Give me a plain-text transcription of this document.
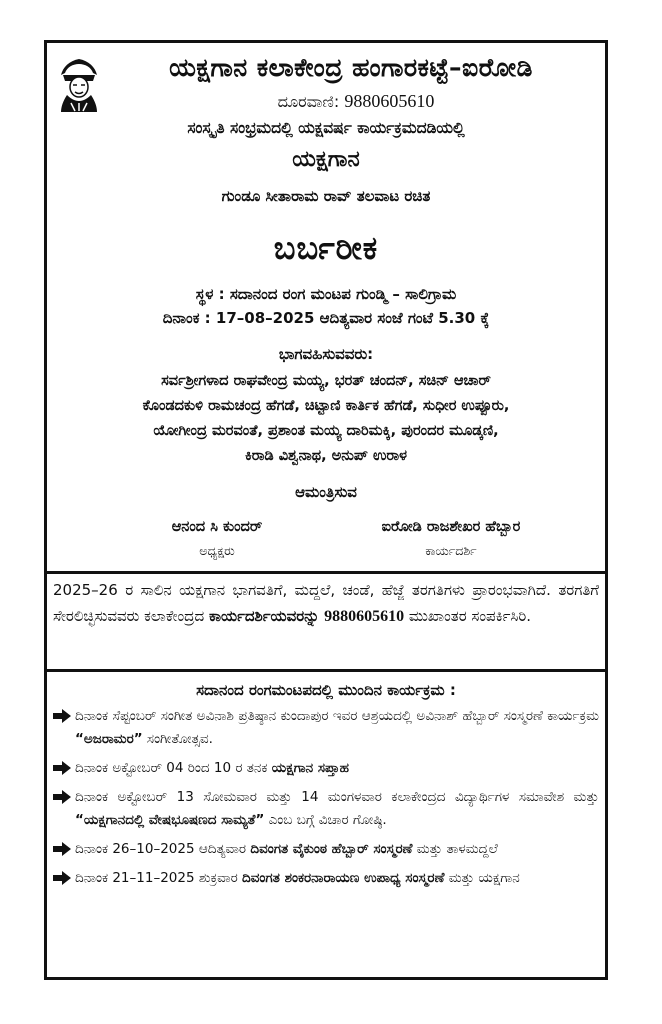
ಯಕ್ಷಗಾನ ಕಲಾಕೇಂದ್ರ ಹಂಗಾರಕಟ್ಟೆ–ಐರೋಡಿ
ದೂರವಾಣಿ: 9880605610
ಸಂಸ್ಕೃತಿ ಸಂಭ್ರಮದಲ್ಲಿ ಯಕ್ಷವರ್ಷ ಕಾರ್ಯಕ್ರಮದಡಿಯಲ್ಲಿ
ಯಕ್ಷಗಾನ
ಗುಂಡೂ ಸೀತಾರಾಮ ರಾವ್ ತಲವಾಟ ರಚಿತ
ಬರ್ಬರೀಕ
ಸ್ಥಳ : ಸದಾನಂದ ರಂಗ ಮಂಟಪ ಗುಂಡ್ಮಿ – ಸಾಲಿಗ್ರಾಮ
ದಿನಾಂಕ : 17–08–2025 ಆದಿತ್ಯವಾರ ಸಂಜೆ ಗಂಟೆ 5.30 ಕ್ಕೆ
ಭಾಗವಹಿಸುವವರು:
ಸರ್ವಶ್ರೀಗಳಾದ ರಾಘವೇಂದ್ರ ಮಯ್ಯ, ಭರತ್ ಚಂದನ್, ಸಚಿನ್ ಆಚಾರ್
ಕೊಂಡದಕುಳಿ ರಾಮಚಂದ್ರ ಹೆಗಡೆ, ಚಿಟ್ಟಾಣಿ ಕಾರ್ತಿಕ ಹೆಗಡೆ, ಸುಧೀರ ಉಪ್ಪೂರು,
ಯೋಗೀಂದ್ರ ಮರವಂತೆ, ಪ್ರಶಾಂತ ಮಯ್ಯ ದಾರಿಮಕ್ಕಿ, ಪುರಂದರ ಮೂಡ್ಕಣಿ,
ಕಿರಾಡಿ ವಿಶ್ವನಾಥ, ಅನುಪ್ ಉರಾಳ
ಆಮಂತ್ರಿಸುವ
ಆನಂದ ಸಿ ಕುಂದರ್
ಅಧ್ಯಕ್ಷರು
ಐರೋಡಿ ರಾಜಶೇಖರ ಹೆಬ್ಬಾರ
ಕಾರ್ಯದರ್ಶಿ
2025–26 ರ ಸಾಲಿನ ಯಕ್ಷಗಾನ ಭಾಗವತಿಗೆ, ಮದ್ದಲೆ, ಚಂಡೆ, ಹೆಜ್ಜೆ ತರಗತಿಗಳು ಪ್ರಾರಂಭವಾಗಿದೆ. ತರಗತಿಗೆ ಸೇರಲಿಚ್ಛಿಸುವವರು ಕಲಾಕೇಂದ್ರದ ಕಾರ್ಯದರ್ಶಿಯವರನ್ನು 9880605610 ಮುಖಾಂತರ ಸಂಪರ್ಕಿಸಿರಿ.
ಸದಾನಂದ ರಂಗಮಂಟಪದಲ್ಲಿ ಮುಂದಿನ ಕಾರ್ಯಕ್ರಮ :
ದಿನಾಂಕ ಸೆಪ್ಟಂಬರ್ ಸಂಗೀತ ಅವಿನಾಶಿ ಪ್ರತಿಷ್ಠಾನ ಕುಂದಾಪುರ ಇವರ ಆಶ್ರಯದಲ್ಲಿ ಅವಿನಾಶ್ ಹೆಬ್ಬಾರ್ ಸಂಸ್ಮರಣೆ ಕಾರ್ಯಕ್ರಮ “ಅಜರಾಮರ” ಸಂಗೀತೋತ್ಸವ.
ದಿನಾಂಕ ಅಕ್ಟೋಬರ್ 04 ರಿಂದ 10 ರ ತನಕ ಯಕ್ಷಗಾನ ಸಪ್ತಾಹ
ದಿನಾಂಕ ಅಕ್ಟೋಬರ್ 13 ಸೋಮವಾರ ಮತ್ತು 14 ಮಂಗಳವಾರ ಕಲಾಕೇಂದ್ರದ ವಿದ್ಯಾರ್ಥಿಗಳ ಸಮಾವೇಶ ಮತ್ತು “ಯಕ್ಷಗಾನದಲ್ಲಿ ವೇಷಭೂಷಣದ ಸಾಮ್ಯತೆ” ಎಂಬ ಬಗ್ಗೆ ವಿಚಾರ ಗೋಷ್ಠಿ.
ದಿನಾಂಕ 26–10–2025 ಆದಿತ್ಯವಾರ ದಿವಂಗತ ವೈಕುಂಠ ಹೆಬ್ಬಾರ್ ಸಂಸ್ಮರಣೆ ಮತ್ತು ತಾಳಮದ್ದಲೆ
ದಿನಾಂಕ 21–11–2025 ಶುಕ್ರವಾರ ದಿವಂಗತ ಶಂಕರನಾರಾಯಣ ಉಪಾಧ್ಯ ಸಂಸ್ಮರಣೆ ಮತ್ತು ಯಕ್ಷಗಾನ
